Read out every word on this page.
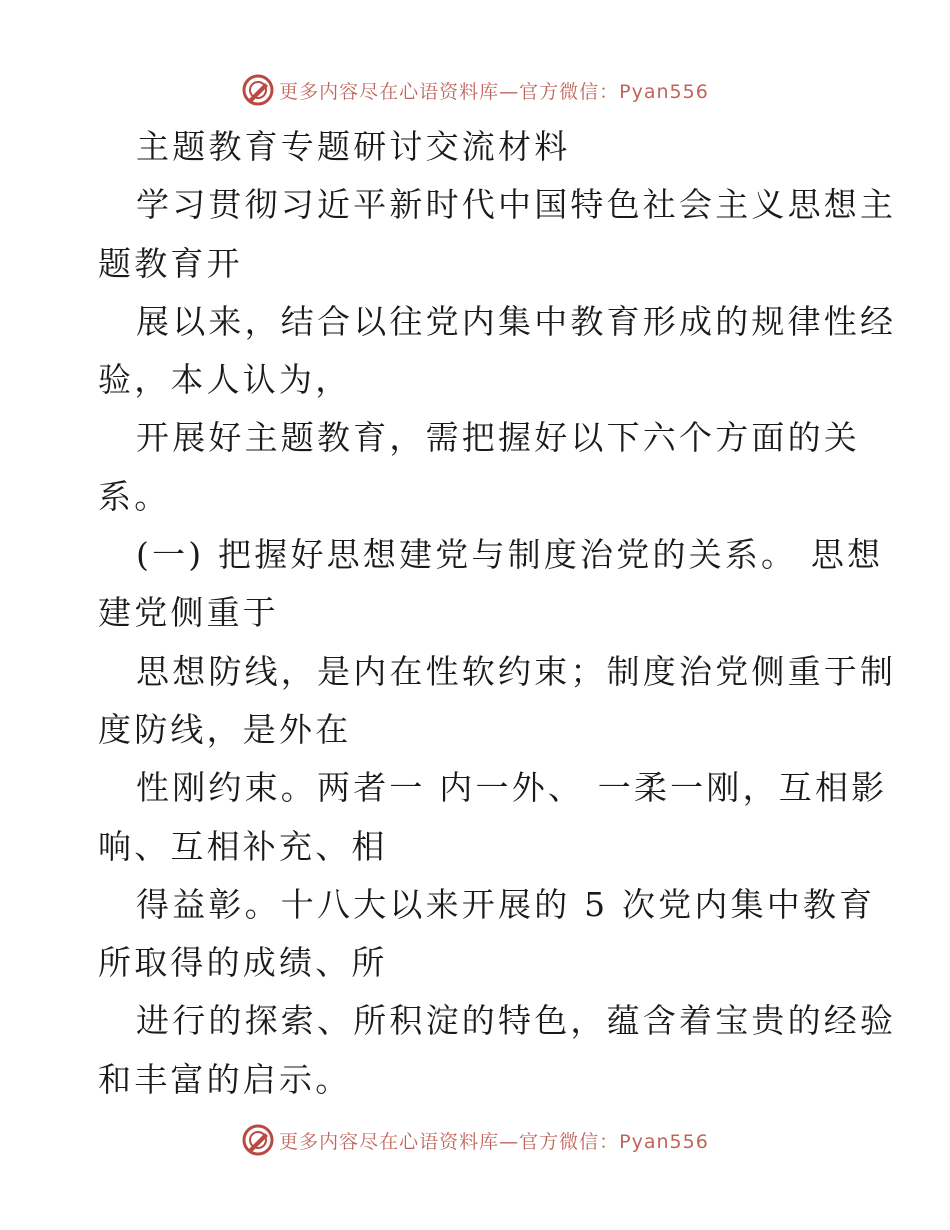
更多内容尽在心语资料库—官方微信：Pyan556
主题教育专题研讨交流材料
学习贯彻习近平新时代中国特色社会主义思想主
题教育开
展以来，结合以往党内集中教育形成的规律性经
验，本人认为，
开展好主题教育，需把握好以下六个方面的关
系。
(一) 把握好思想建党与制度治党的关系。 思想
建党侧重于
思想防线，是内在性软约束；制度治党侧重于制
度防线，是外在
性刚约束。两者一 内一外、 一柔一刚，互相影
响、互相补充、相
得益彰。十八大以来开展的 5 次党内集中教育
所取得的成绩、所
进行的探索、所积淀的特色，蕴含着宝贵的经验
和丰富的启示。
更多内容尽在心语资料库—官方微信：Pyan556
